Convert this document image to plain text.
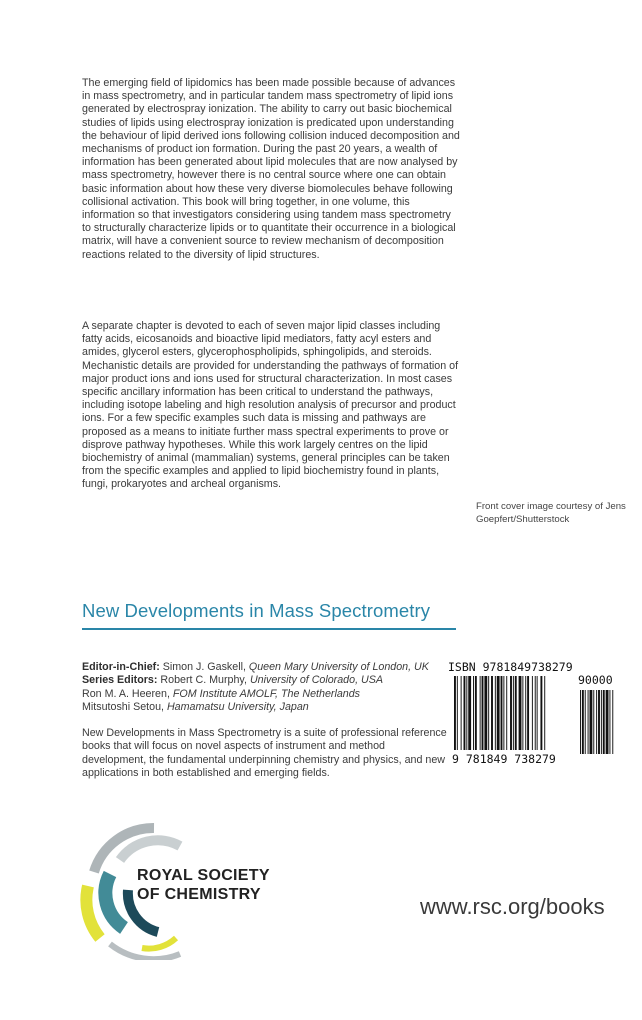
The emerging field of lipidomics has been made possible because of advances in mass spectrometry, and in particular tandem mass spectrometry of lipid ions generated by electrospray ionization. The ability to carry out basic biochemical studies of lipids using electrospray ionization is predicated upon understanding the behaviour of lipid derived ions following collision induced decomposition and mechanisms of product ion formation. During the past 20 years, a wealth of information has been generated about lipid molecules that are now analysed by mass spectrometry, however there is no central source where one can obtain basic information about how these very diverse biomolecules behave following collisional activation. This book will bring together, in one volume, this information so that investigators considering using tandem mass spectrometry to structurally characterize lipids or to quantitate their occurrence in a biological matrix, will have a convenient source to review mechanism of decomposition reactions related to the diversity of lipid structures.

A separate chapter is devoted to each of seven major lipid classes including fatty acids, eicosanoids and bioactive lipid mediators, fatty acyl esters and amides, glycerol esters, glycerophospholipids, sphingolipids, and steroids. Mechanistic details are provided for understanding the pathways of formation of major product ions and ions used for structural characterization. In most cases specific ancillary information has been critical to understand the pathways, including isotope labeling and high resolution analysis of precursor and product ions. For a few specific examples such data is missing and pathways are proposed as a means to initiate further mass spectral experiments to prove or disprove pathway hypotheses. While this work largely centres on the lipid biochemistry of animal (mammalian) systems, general principles can be taken from the specific examples and applied to lipid biochemistry found in plants, fungi, prokaryotes and archeal organisms.

Front cover image courtesy of Jens Goepfert/Shutterstock
New Developments in Mass Spectrometry
Editor-in-Chief: Simon J. Gaskell, Queen Mary University of London, UK
Series Editors: Robert C. Murphy, University of Colorado, USA
Ron M. A. Heeren, FOM Institute AMOLF, The Netherlands
Mitsutoshi Setou, Hamamatsu University, Japan
New Developments in Mass Spectrometry is a suite of professional reference books that will focus on novel aspects of instrument and method development, the fundamental underpinning chemistry and physics, and new applications in both established and emerging fields.
ISBN 9781849738279
90000
9 781849 738279
ROYAL SOCIETY
OF CHEMISTRY	www.rsc.org/books
